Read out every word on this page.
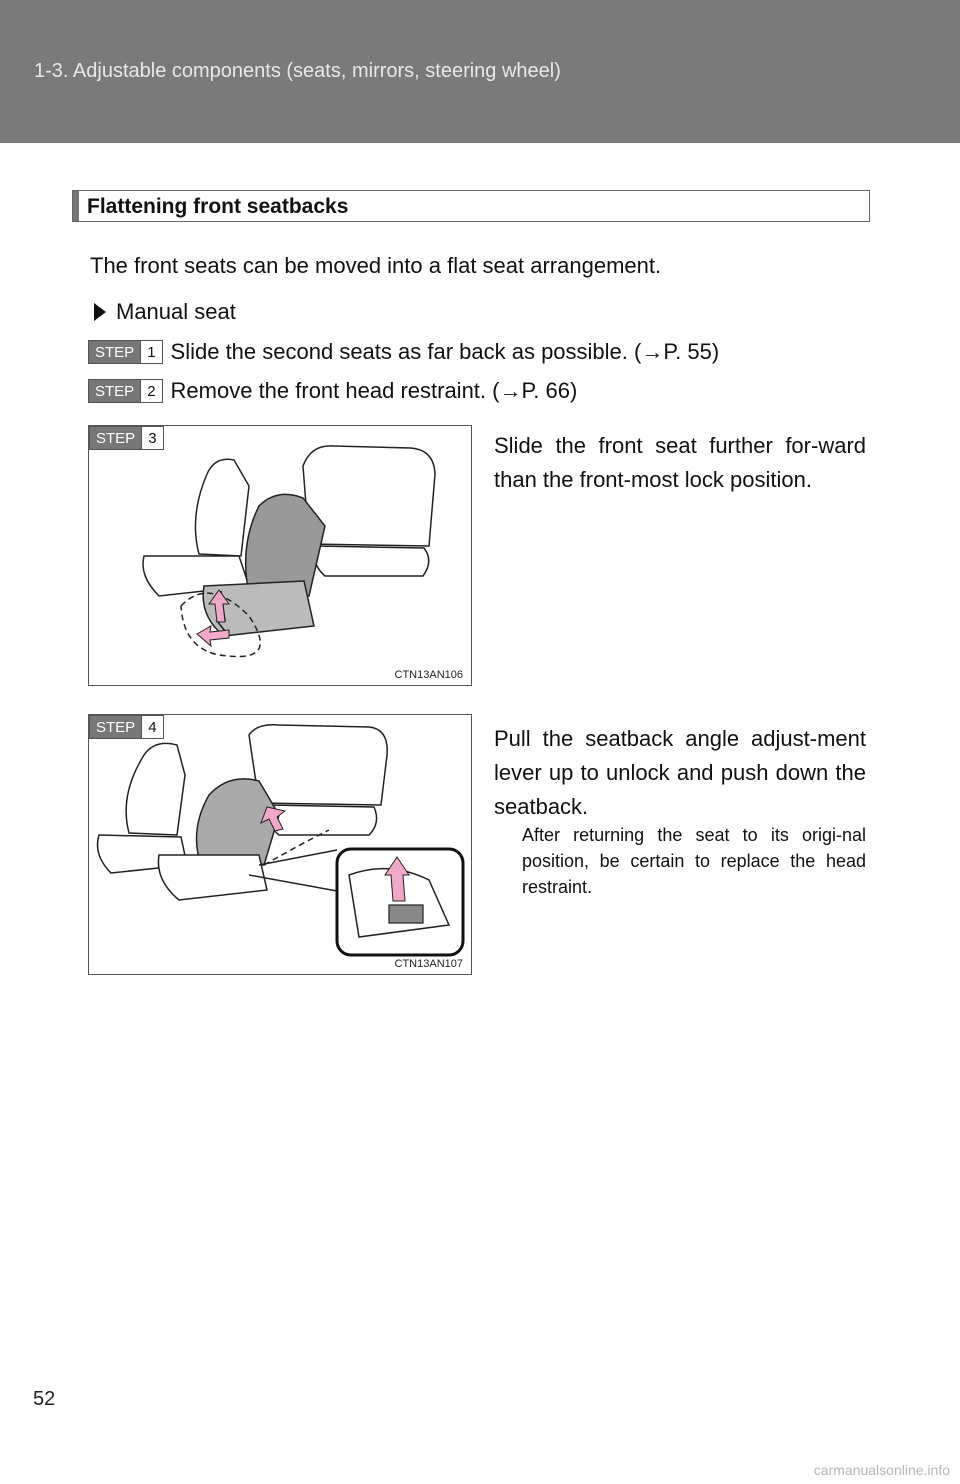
1-3. Adjustable components (seats, mirrors, steering wheel)
Flattening front seatbacks
The front seats can be moved into a flat seat arrangement.
Manual seat
STEP 1 Slide the second seats as far back as possible. (→P. 55)
STEP 2 Remove the front head restraint. (→P. 66)
STEP 3
CTN13AN106
Slide the front seat further for-ward than the front-most lock position.
STEP 4
CTN13AN107
Pull the seatback angle adjust-ment lever up to unlock and push down the seatback.
After returning the seat to its origi-nal position, be certain to replace the head restraint.
52
carmanualsonline.info
